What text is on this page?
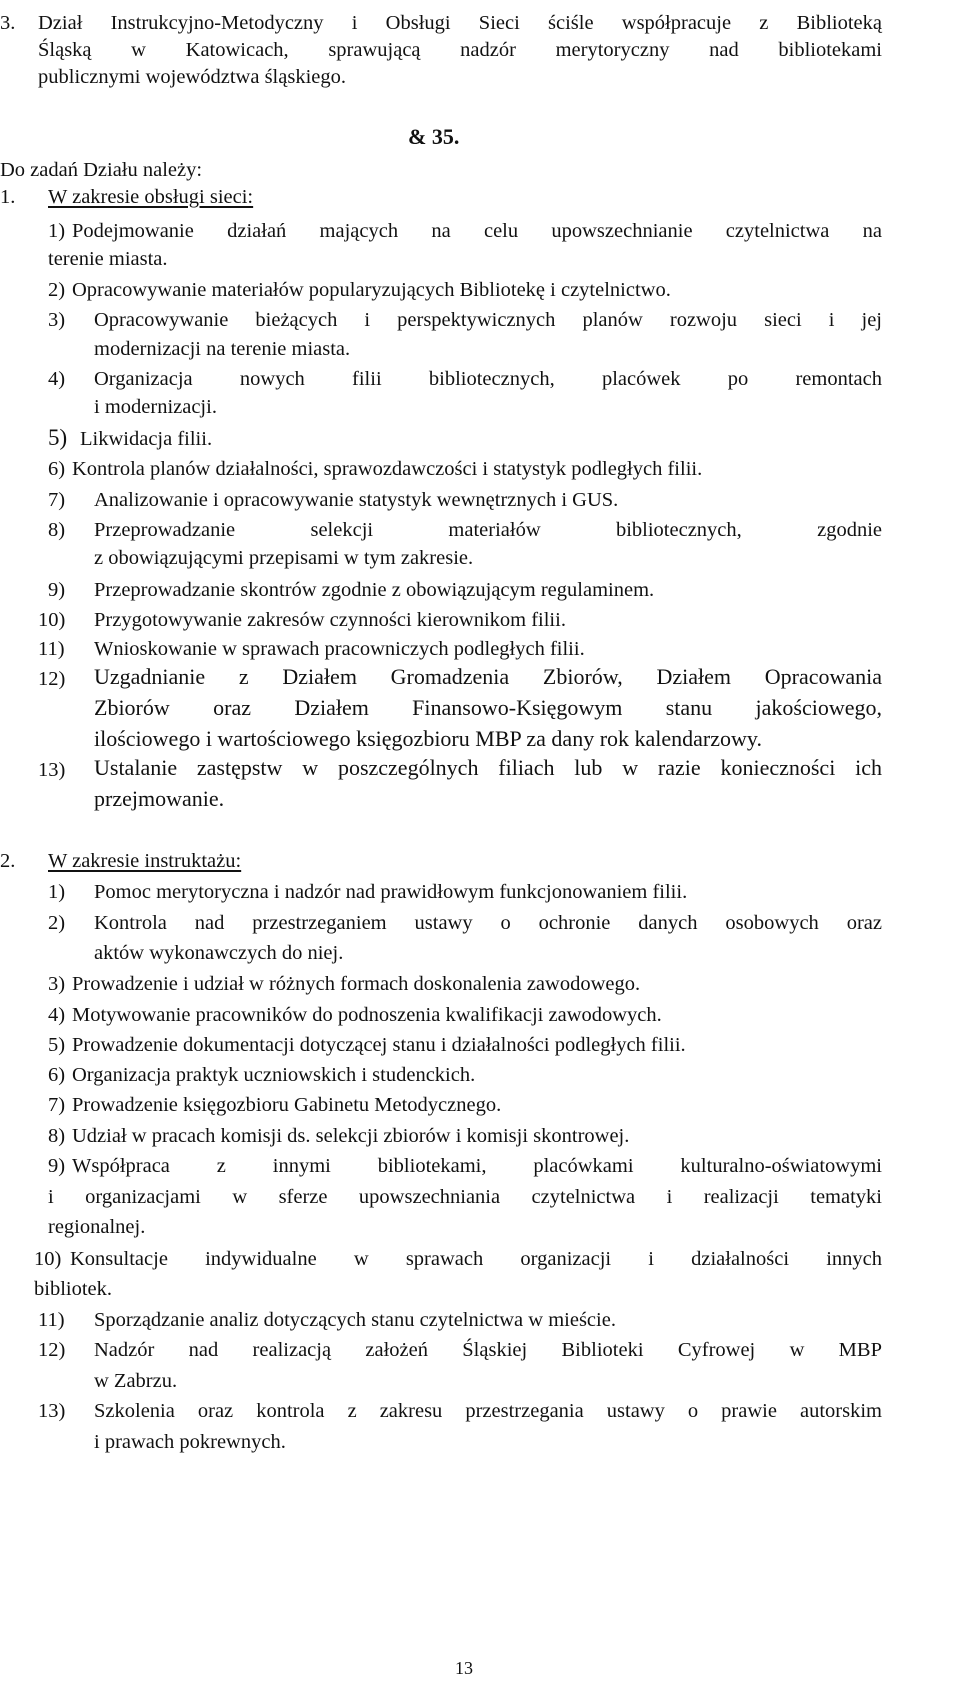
3. Dział Instrukcyjno-Metodyczny i Obsługi Sieci ściśle współpracuje z Biblioteką
Śląską w Katowicach, sprawującą nadzór merytoryczny nad bibliotekami
publicznymi województwa śląskiego.
& 35.
Do zadań Działu należy:
1. W zakresie obsługi sieci:
1) Podejmowanie działań mających na celu upowszechnianie czytelnictwa na
terenie miasta.
2) Opracowywanie materiałów popularyzujących Bibliotekę i czytelnictwo.
3) Opracowywanie bieżących i perspektywicznych planów rozwoju sieci i jej
modernizacji na terenie miasta.
4) Organizacja nowych filii bibliotecznych, placówek po remontach
i modernizacji.
5) Likwidacja filii.
6) Kontrola planów działalności, sprawozdawczości i statystyk podległych filii.
7) Analizowanie i opracowywanie statystyk wewnętrznych i GUS.
8) Przeprowadzanie selekcji materiałów bibliotecznych, zgodnie
z obowiązującymi przepisami w tym zakresie.
9) Przeprowadzanie skontrów zgodnie z obowiązującym regulaminem.
10) Przygotowywanie zakresów czynności kierownikom filii.
11) Wnioskowanie w sprawach pracowniczych podległych filii.
12) Uzgadnianie z Działem Gromadzenia Zbiorów, Działem Opracowania
Zbiorów oraz Działem Finansowo-Księgowym stanu jakościowego,
ilościowego i wartościowego księgozbioru MBP za dany rok kalendarzowy.
13) Ustalanie zastępstw w poszczególnych filiach lub w razie konieczności ich
przejmowanie.
2. W zakresie instruktażu:
1) Pomoc merytoryczna i nadzór nad prawidłowym funkcjonowaniem filii.
2) Kontrola nad przestrzeganiem ustawy o ochronie danych osobowych oraz
aktów wykonawczych do niej.
3) Prowadzenie i udział w różnych formach doskonalenia zawodowego.
4) Motywowanie pracowników do podnoszenia kwalifikacji zawodowych.
5) Prowadzenie dokumentacji dotyczącej stanu i działalności podległych filii.
6) Organizacja praktyk uczniowskich i studenckich.
7) Prowadzenie księgozbioru Gabinetu Metodycznego.
8) Udział w pracach komisji ds. selekcji zbiorów i komisji skontrowej.
9) Współpraca z innymi bibliotekami, placówkami kulturalno-oświatowymi
i organizacjami w sferze upowszechniania czytelnictwa i realizacji tematyki
regionalnej.
10) Konsultacje indywidualne w sprawach organizacji i działalności innych
bibliotek.
11) Sporządzanie analiz dotyczących stanu czytelnictwa w mieście.
12) Nadzór nad realizacją założeń Śląskiej Biblioteki Cyfrowej w MBP
w Zabrzu.
13) Szkolenia oraz kontrola z zakresu przestrzegania ustawy o prawie autorskim
i prawach pokrewnych.
13
